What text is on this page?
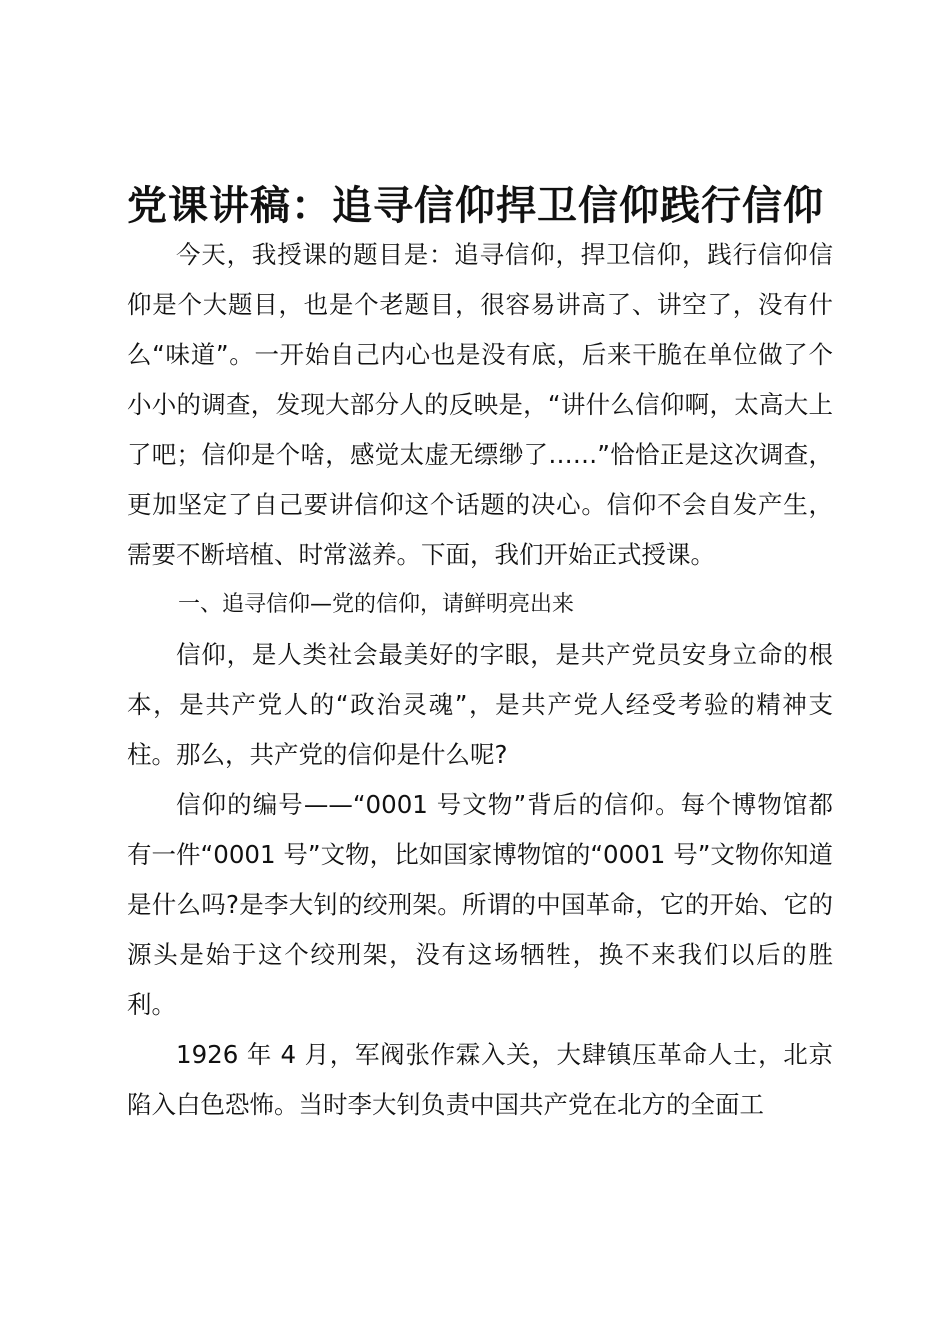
党课讲稿：追寻信仰捍卫信仰践行信仰

今天，我授课的题目是：追寻信仰，捍卫信仰，践行信仰信仰是个大题目，也是个老题目，很容易讲高了、讲空了，没有什么“味道”。一开始自己内心也是没有底，后来干脆在单位做了个小小的调查，发现大部分人的反映是，“讲什么信仰啊，太高大上了吧；信仰是个啥，感觉太虚无缥缈了……”恰恰正是这次调查，更加坚定了自己要讲信仰这个话题的决心。信仰不会自发产生，需要不断培植、时常滋养。下面，我们开始正式授课。

一、追寻信仰—党的信仰，请鲜明亮出来

信仰，是人类社会最美好的字眼，是共产党员安身立命的根本，是共产党人的“政治灵魂”，是共产党人经受考验的精神支柱。那么，共产党的信仰是什么呢?

信仰的编号——“0001 号文物”背后的信仰。每个博物馆都有一件“0001 号”文物，比如国家博物馆的“0001 号”文物你知道是什么吗?是李大钊的绞刑架。所谓的中国革命，它的开始、它的源头是始于这个绞刑架，没有这场牺牲，换不来我们以后的胜利。

1926 年 4 月，军阀张作霖入关，大肆镇压革命人士，北京陷入白色恐怖。当时李大钊负责中国共产党在北方的全面工
